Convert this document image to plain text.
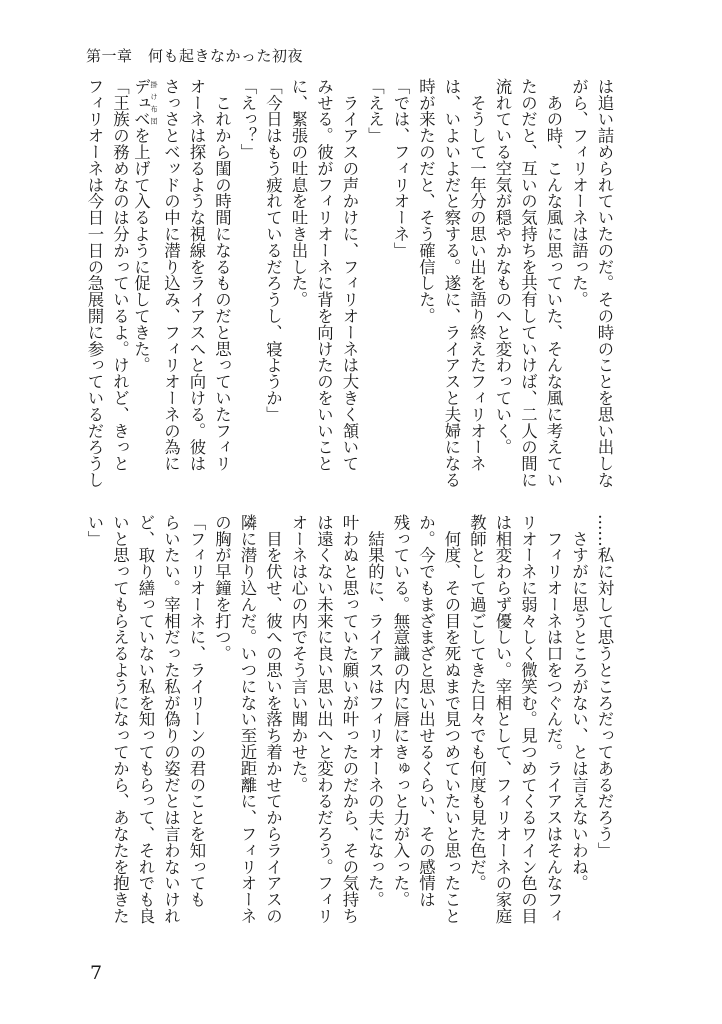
第一章　何も起きなかった初夜
は追い詰められていたのだ。その時のことを思い出しな
がら、フィリオーネは語った。
　あの時、こんな風に思っていた、そんな風に考えてい
たのだと、互いの気持ちを共有していけば、二人の間に
流れている空気が穏やかなものへと変わっていく。
　そうして一年分の思い出を語り終えたフィリオーネ
は、いよいよだと察する。遂に、ライアスと夫婦になる
時が来たのだと、そう確信した。
「では、フィリオーネ」
「ええ」
　ライアスの声かけに、フィリオーネは大きく頷いて
みせる。彼がフィリオーネに背を向けたのをいいこと
に、緊張の吐息を吐き出した。
「今日はもう疲れているだろうし、寝ようか」
「えっ？」
　これから閨の時間になるものだと思っていたフィリ
オーネは探るような視線をライアスへと向ける。彼は
さっさとベッドの中に潜り込み、フィリオーネの為に
デュベ 掛け布団を上げて入るように促してきた。
「王族の務めなのは分かっているよ。けれど、きっと
フィリオーネは今日一日の急展開に参っているだろうし
……私に対して思うところだってあるだろう」
　さすがに思うところがない、とは言えないわね。
　フィリオーネは口をつぐんだ。ライアスはそんなフィ
リオーネに弱々しく微笑む。見つめてくるワイン色の目
は相変わらず優しい。宰相として、フィリオーネの家庭
教師として過ごしてきた日々でも何度も見た色だ。
　何度、その目を死ぬまで見つめていたいと思ったこと
か。今でもまざまざと思い出せるくらい、その感情は
残っている。無意識の内に唇にきゅっと力が入った。
　結果的に、ライアスはフィリオーネの夫になった。
叶わぬと思っていた願いが叶ったのだから、その気持ち
は遠くない未来に良い思い出へと変わるだろう。フィリ
オーネは心の内でそう言い聞かせた。
　目を伏せ、彼への思いを落ち着かせてからライアスの
隣に潜り込んだ。いつにない至近距離に、フィリオーネ
の胸が早鐘を打つ。
「フィリオーネに、ライリーンの君のことを知っても
らいたい。宰相だった私が偽りの姿だとは言わないけれ
ど、取り繕っていない私を知ってもらって、それでも良
いと思ってもらえるようになってから、あなたを抱きた
い」
7
